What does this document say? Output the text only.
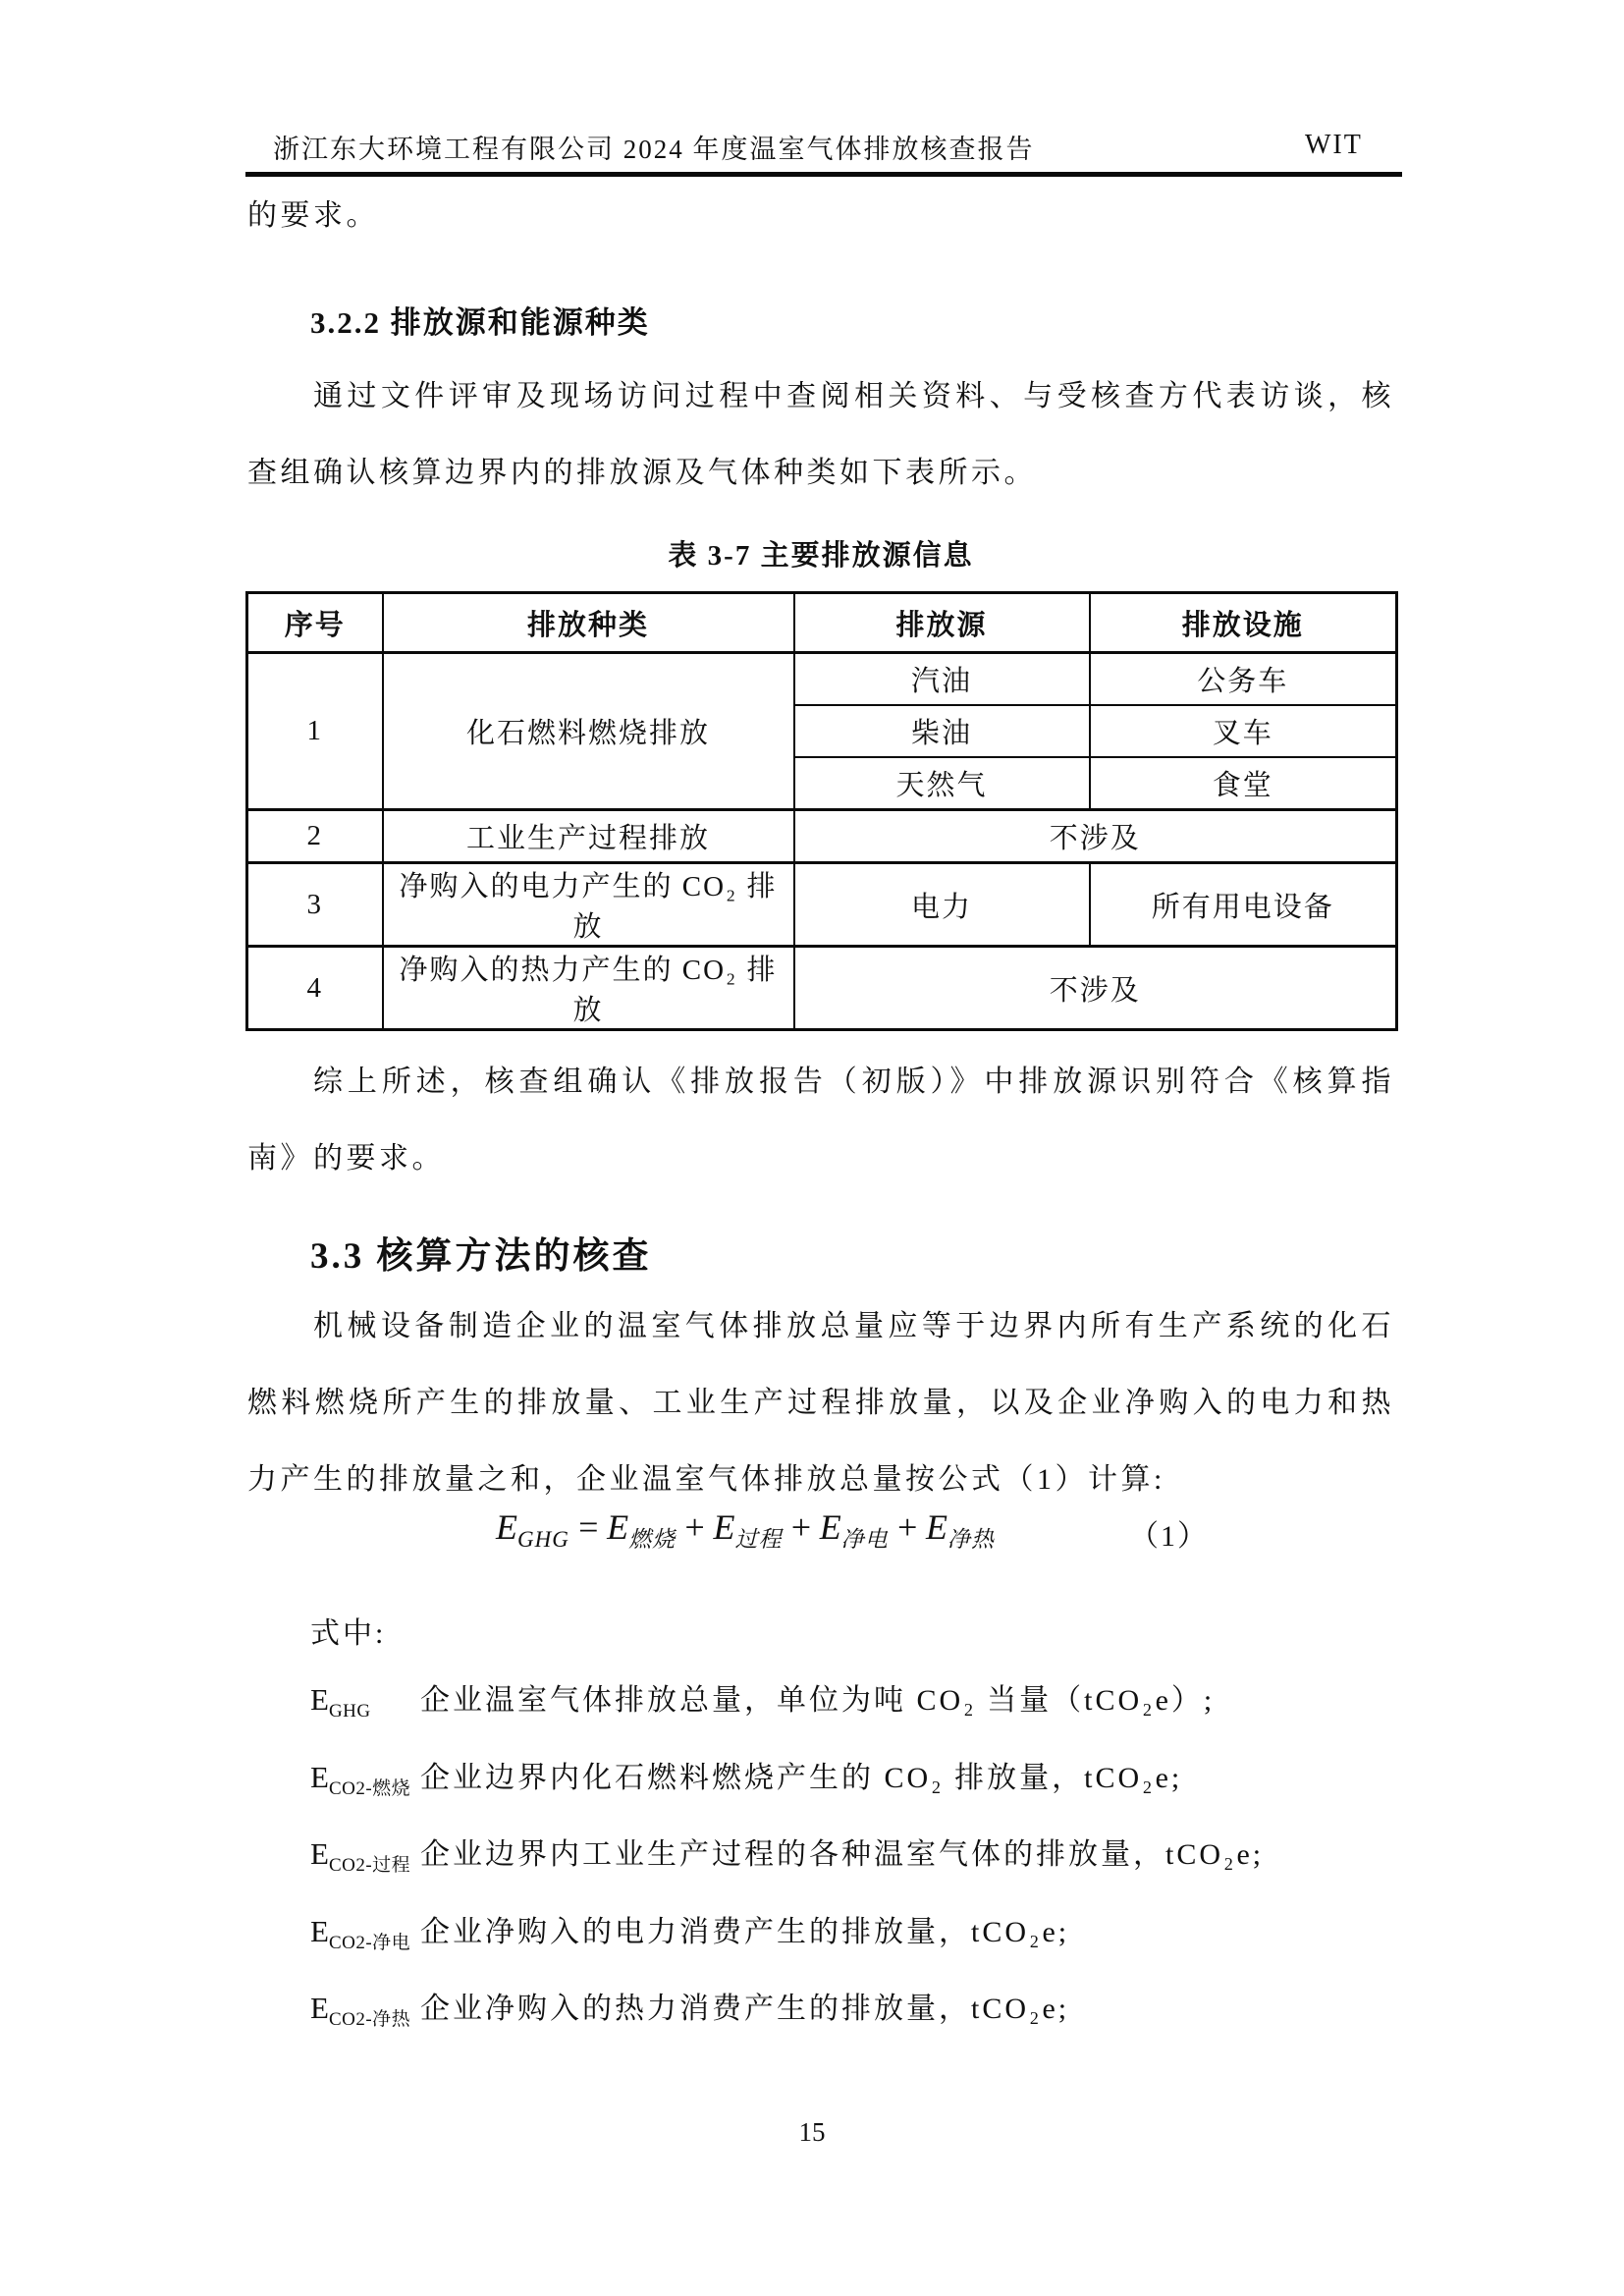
浙江东大环境工程有限公司 2024 年度温室气体排放核查报告	WIT

的要求。

3.2.2 排放源和能源种类

通过文件评审及现场访问过程中查阅相关资料、与受核查方代表访谈，核查组确认核算边界内的排放源及气体种类如下表所示。

表 3-7 主要排放源信息
序号	排放种类	排放源	排放设施
1	化石燃料燃烧排放	汽油	公务车
		柴油	叉车
		天然气	食堂
2	工业生产过程排放	不涉及	
3	净购入的电力产生的 CO₂ 排放	电力	所有用电设备
4	净购入的热力产生的 CO₂ 排放	不涉及	

综上所述，核查组确认《排放报告（初版）》中排放源识别符合《核算指南》的要求。

3.3 核算方法的核查

机械设备制造企业的温室气体排放总量应等于边界内所有生产系统的化石燃料燃烧所产生的排放量、工业生产过程排放量，以及企业净购入的电力和热力产生的排放量之和，企业温室气体排放总量按公式（1）计算:

$E_{GHG} = E_{燃烧} + E_{过程} + E_{净电} + E_{净热}$	（1）

式中:

$E_{GHG}$ 企业温室气体排放总量，单位为吨 CO₂ 当量（tCO₂e）;
$E_{CO2-燃烧}$ 企业边界内化石燃料燃烧产生的 CO₂ 排放量，tCO₂e;
$E_{CO2-过程}$ 企业边界内工业生产过程的各种温室气体的排放量，tCO₂e;
$E_{CO2-净电}$ 企业净购入的电力消费产生的排放量，tCO₂e;
$E_{CO2-净热}$ 企业净购入的热力消费产生的排放量，tCO₂e;
15
